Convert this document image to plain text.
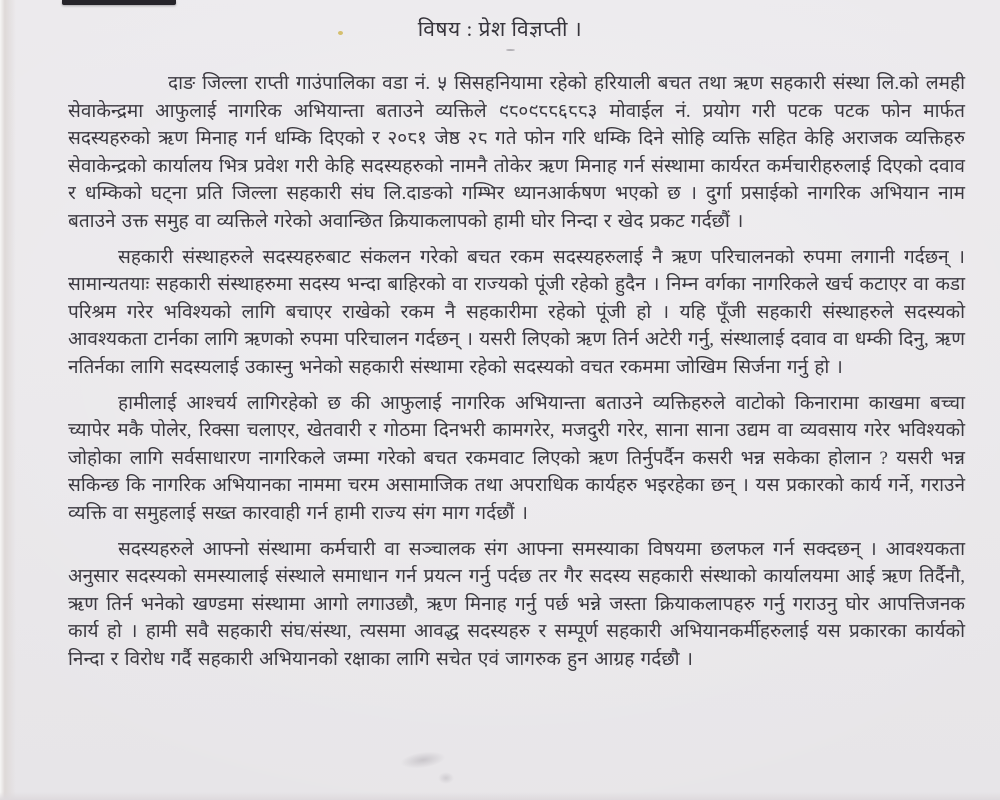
विषय : प्रेश विज्ञप्ती ।

दाङ जिल्ला राप्ती गाउंपालिका वडा नं. ५ सिसहनियामा रहेको हरियाली बचत तथा ऋण सहकारी संस्था लि.को लमही सेवाकेन्द्रमा आफुलाई नागरिक अभियान्ता बताउने व्यक्तिले ९८०९८८६८८३ मोवाईल नं. प्रयोग गरी पटक पटक फोन मार्फत सदस्यहरुको ऋण मिनाह गर्न धम्कि दिएको र २०८१ जेष्ठ २८ गते फोन गरि धम्कि दिने सोहि व्यक्ति सहित केहि अराजक व्यक्तिहरु सेवाकेन्द्रको कार्यालय भित्र प्रवेश गरी केहि सदस्यहरुको नामनै तोकेर ऋण मिनाह गर्न संस्थामा कार्यरत कर्मचारीहरुलाई दिएको दवाव र धम्किको घट्ना प्रति जिल्ला सहकारी संघ लि.दाङको गम्भिर ध्यानआर्कषण भएको छ । दुर्गा प्रसाईको नागरिक अभियान नाम बताउने उक्त समुह वा व्यक्तिले गरेको अवान्छित क्रियाकलापको हामी घोर निन्दा र खेद प्रकट गर्दछौं ।

सहकारी संस्थाहरुले सदस्यहरुबाट संकलन गरेको बचत रकम सदस्यहरुलाई नै ऋण परिचालनको रुपमा लगानी गर्दछन् । सामान्यतयाः सहकारी संस्थाहरुमा सदस्य भन्दा बाहिरको वा राज्यको पूंजी रहेको हुदैन । निम्न वर्गका नागरिकले खर्च कटाएर वा कडा परिश्रम गरेर भविश्यको लागि बचाएर राखेको रकम नै सहकारीमा रहेको पूंजी हो । यहि पूँजी सहकारी संस्थाहरुले सदस्यको आवश्यकता टार्नका लागि ऋणको रुपमा परिचालन गर्दछन् । यसरी लिएको ऋण तिर्न अटेरी गर्नु, संस्थालाई दवाव वा धम्की दिनु, ऋण नतिर्नका लागि सदस्यलाई उकास्नु भनेको सहकारी संस्थामा रहेको सदस्यको वचत रकममा जोखिम सिर्जना गर्नु हो ।

हामीलाई आश्चर्य लागिरहेको छ की आफुलाई नागरिक अभियान्ता बताउने व्यक्तिहरुले वाटोको किनारामा काखमा बच्चा च्यापेर मकै पोलेर, रिक्सा चलाएर, खेतवारी र गोठमा दिनभरी कामगरेर, मजदुरी गरेर, साना साना उद्यम वा व्यवसाय गरेर भविश्यको जोहोका लागि सर्वसाधारण नागरिकले जम्मा गरेको बचत रकमवाट लिएको ऋण तिर्नुपर्दैन कसरी भन्न सकेका होलान ? यसरी भन्न सकिन्छ कि नागरिक अभियानका नाममा चरम असामाजिक तथा अपराधिक कार्यहरु भइरहेका छन् । यस प्रकारको कार्य गर्ने, गराउने व्यक्ति वा समुहलाई सख्त कारवाही गर्न हामी राज्य संग माग गर्दछौं ।

सदस्यहरुले आफ्नो संस्थामा कर्मचारी वा सञ्चालक संग आफ्ना समस्याका विषयमा छलफल गर्न सक्दछन् । आवश्यकता अनुसार सदस्यको समस्यालाई संस्थाले समाधान गर्न प्रयत्न गर्नु पर्दछ तर गैर सदस्य सहकारी संस्थाको कार्यालयमा आई ऋण तिर्दैनौ, ऋण तिर्न भनेको खण्डमा संस्थामा आगो लगाउछौ, ऋण मिनाह गर्नु पर्छ भन्ने जस्ता क्रियाकलापहरु गर्नु गराउनु घोर आपत्तिजनक कार्य हो । हामी सवै सहकारी संघ/संस्था, त्यसमा आवद्ध सदस्यहरु र सम्पूर्ण सहकारी अभियानकर्मीहरुलाई यस प्रकारका कार्यको निन्दा र विरोध गर्दै सहकारी अभियानको रक्षाका लागि सचेत एवं जागरुक हुन आग्रह गर्दछौ ।
